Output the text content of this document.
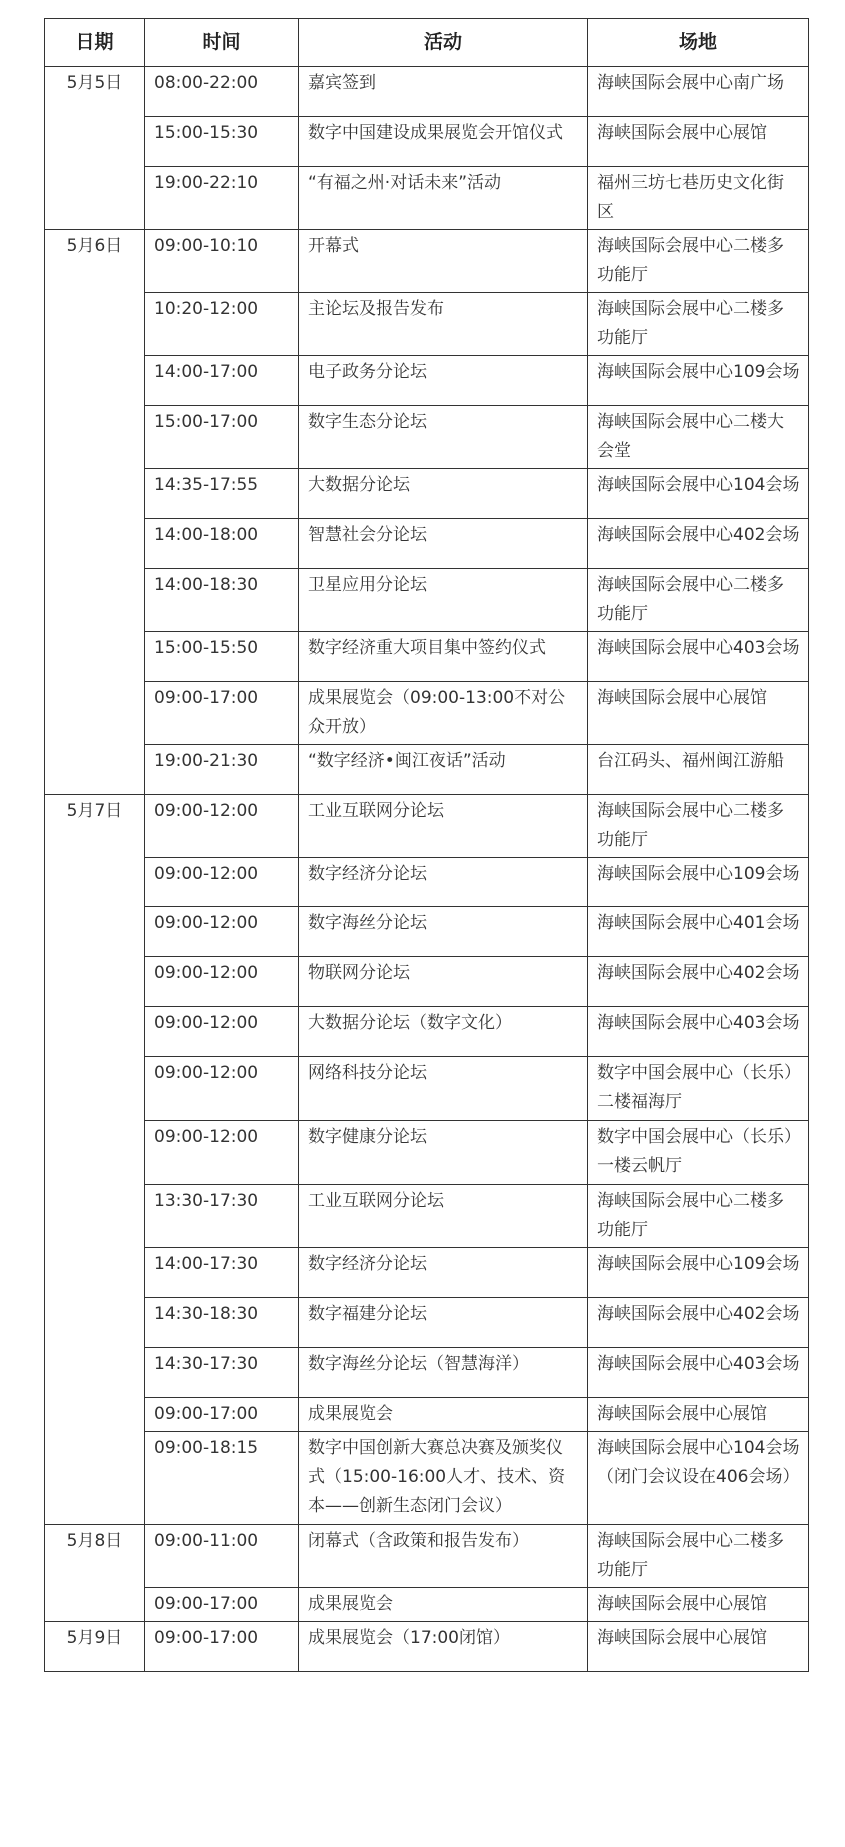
日期	时间	活动	场地
5月5日	08:00-22:00	嘉宾签到	海峡国际会展中心南广场
	15:00-15:30	数字中国建设成果展览会开馆仪式	海峡国际会展中心展馆
	19:00-22:10	“有福之州·对话未来”活动	福州三坊七巷历史文化街区
5月6日	09:00-10:10	开幕式	海峡国际会展中心二楼多功能厅
	10:20-12:00	主论坛及报告发布	海峡国际会展中心二楼多功能厅
	14:00-17:00	电子政务分论坛	海峡国际会展中心109会场
	15:00-17:00	数字生态分论坛	海峡国际会展中心二楼大会堂
	14:35-17:55	大数据分论坛	海峡国际会展中心104会场
	14:00-18:00	智慧社会分论坛	海峡国际会展中心402会场
	14:00-18:30	卫星应用分论坛	海峡国际会展中心二楼多功能厅
	15:00-15:50	数字经济重大项目集中签约仪式	海峡国际会展中心403会场
	09:00-17:00	成果展览会（09:00-13:00不对公众开放）	海峡国际会展中心展馆
	19:00-21:30	“数字经济•闽江夜话”活动	台江码头、福州闽江游船
5月7日	09:00-12:00	工业互联网分论坛	海峡国际会展中心二楼多功能厅
	09:00-12:00	数字经济分论坛	海峡国际会展中心109会场
	09:00-12:00	数字海丝分论坛	海峡国际会展中心401会场
	09:00-12:00	物联网分论坛	海峡国际会展中心402会场
	09:00-12:00	大数据分论坛（数字文化）	海峡国际会展中心403会场
	09:00-12:00	网络科技分论坛	数字中国会展中心（长乐）二楼福海厅
	09:00-12:00	数字健康分论坛	数字中国会展中心（长乐）一楼云帆厅
	13:30-17:30	工业互联网分论坛	海峡国际会展中心二楼多功能厅
	14:00-17:30	数字经济分论坛	海峡国际会展中心109会场
	14:30-18:30	数字福建分论坛	海峡国际会展中心402会场
	14:30-17:30	数字海丝分论坛（智慧海洋）	海峡国际会展中心403会场
	09:00-17:00	成果展览会	海峡国际会展中心展馆
	09:00-18:15	数字中国创新大赛总决赛及颁奖仪式（15:00-16:00人才、技术、资本——创新生态闭门会议）	海峡国际会展中心104会场（闭门会议设在406会场）
5月8日	09:00-11:00	闭幕式（含政策和报告发布）	海峡国际会展中心二楼多功能厅
	09:00-17:00	成果展览会	海峡国际会展中心展馆
5月9日	09:00-17:00	成果展览会（17:00闭馆）	海峡国际会展中心展馆
